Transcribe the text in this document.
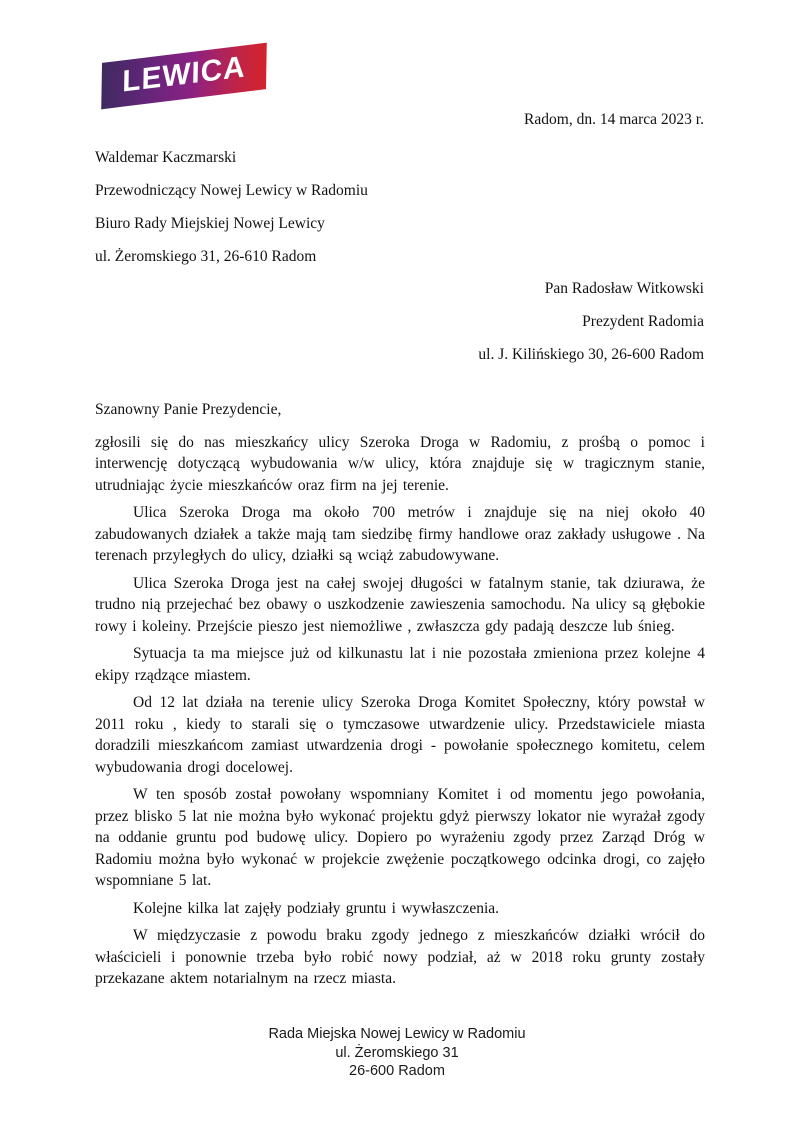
LEWICA
Radom, dn. 14 marca 2023 r.
Waldemar Kaczmarski
Przewodniczący Nowej Lewicy w Radomiu
Biuro Rady Miejskiej Nowej Lewicy
ul. Żeromskiego 31, 26-610 Radom
Pan Radosław Witkowski
Prezydent Radomia
ul. J. Kilińskiego 30, 26-600 Radom

Szanowny Panie Prezydencie,

zgłosili się do nas mieszkańcy ulicy Szeroka Droga w Radomiu, z prośbą o pomoc i interwencję dotyczącą wybudowania w/w ulicy, która znajduje się w tragicznym stanie, utrudniając życie mieszkańców oraz firm na jej terenie.

Ulica Szeroka Droga ma około 700 metrów i znajduje się na niej około 40 zabudowanych działek a także mają tam siedzibę firmy handlowe oraz zakłady usługowe . Na terenach przyległych do ulicy, działki są wciąż zabudowywane.

Ulica Szeroka Droga jest na całej swojej długości w fatalnym stanie, tak dziurawa, że trudno nią przejechać bez obawy o uszkodzenie zawieszenia samochodu. Na ulicy są głębokie rowy i koleiny. Przejście pieszo jest niemożliwe , zwłaszcza gdy padają deszcze lub śnieg.

Sytuacja ta ma miejsce już od kilkunastu lat i nie pozostała zmieniona przez kolejne 4 ekipy rządzące miastem.

Od 12 lat działa na terenie ulicy Szeroka Droga Komitet Społeczny, który powstał w 2011 roku , kiedy to starali się o tymczasowe utwardzenie ulicy. Przedstawiciele miasta doradzili mieszkańcom zamiast utwardzenia drogi - powołanie społecznego komitetu, celem wybudowania drogi docelowej.

W ten sposób został powołany wspomniany Komitet i od momentu jego powołania, przez blisko 5 lat nie można było wykonać projektu gdyż pierwszy lokator nie wyrażał zgody na oddanie gruntu pod budowę ulicy. Dopiero po wyrażeniu zgody przez Zarząd Dróg w Radomiu można było wykonać w projekcie zwężenie początkowego odcinka drogi, co zajęło wspomniane 5 lat.

Kolejne kilka lat zajęły podziały gruntu i wywłaszczenia.

W międzyczasie z powodu braku zgody jednego z mieszkańców działki wrócił do właścicieli i ponownie trzeba było robić nowy podział, aż w 2018 roku grunty zostały przekazane aktem notarialnym na rzecz miasta.

Rada Miejska Nowej Lewicy w Radomiu
ul. Żeromskiego 31
26-600 Radom
